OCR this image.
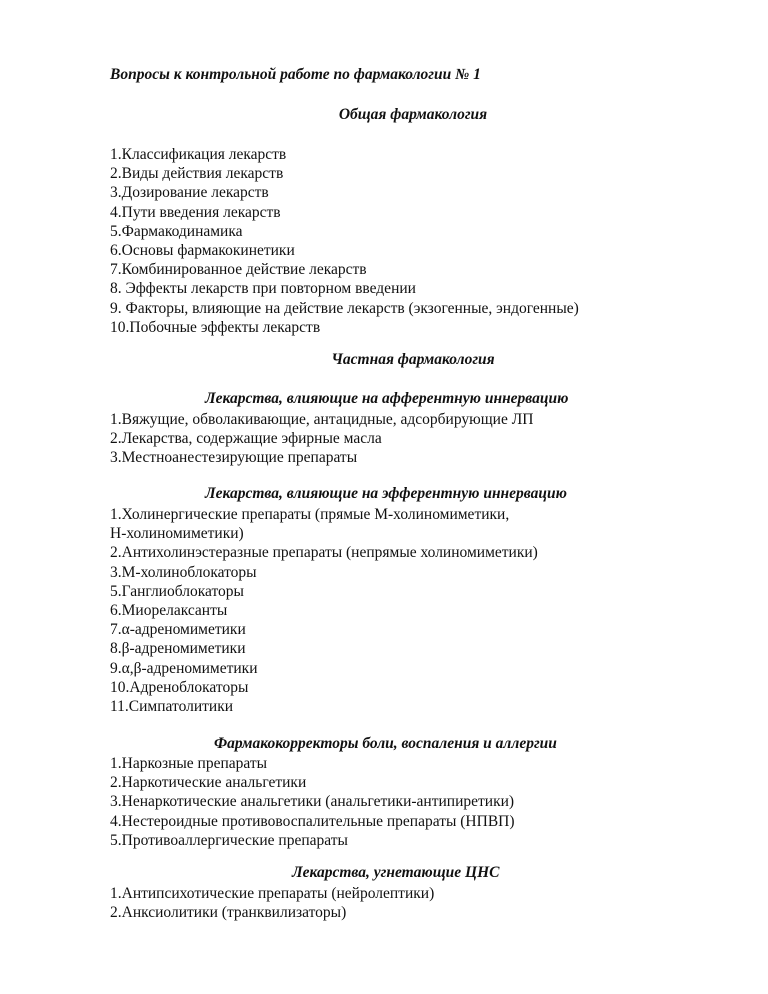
Вопросы к контрольной работе по фармакологии № 1
Общая фармакология
1.Классификация лекарств
2.Виды действия лекарств
3.Дозирование лекарств
4.Пути введения лекарств
5.Фармакодинамика
6.Основы фармакокинетики
7.Комбинированное действие лекарств
8. Эффекты лекарств при повторном введении
9. Факторы, влияющие на действие лекарств (экзогенные, эндогенные)
10.Побочные эффекты лекарств
Частная фармакология
Лекарства, влияющие на афферентную иннервацию
1.Вяжущие, обволакивающие, антацидные, адсорбирующие ЛП
2.Лекарства, содержащие эфирные масла
3.Местноанестезирующие препараты
Лекарства, влияющие на эфферентную иннервацию
1.Холинергические препараты (прямые М-холиномиметики,
Н-холиномиметики)
2.Антихолинэстеразные препараты (непрямые холиномиметики)
3.М-холиноблокаторы
5.Ганглиоблокаторы
6.Миорелаксанты
7.α-адреномиметики
8.β-адреномиметики
9.α,β-адреномиметики
10.Адреноблокаторы
11.Симпатолитики
Фармакокорректоры боли, воспаления и аллергии
1.Наркозные препараты
2.Наркотические анальгетики
3.Ненаркотические анальгетики (анальгетики-антипиретики)
4.Нестероидные противовоспалительные препараты (НПВП)
5.Противоаллергические препараты
Лекарства, угнетающие ЦНС
1.Антипсихотические препараты (нейролептики)
2.Анксиолитики (транквилизаторы)
